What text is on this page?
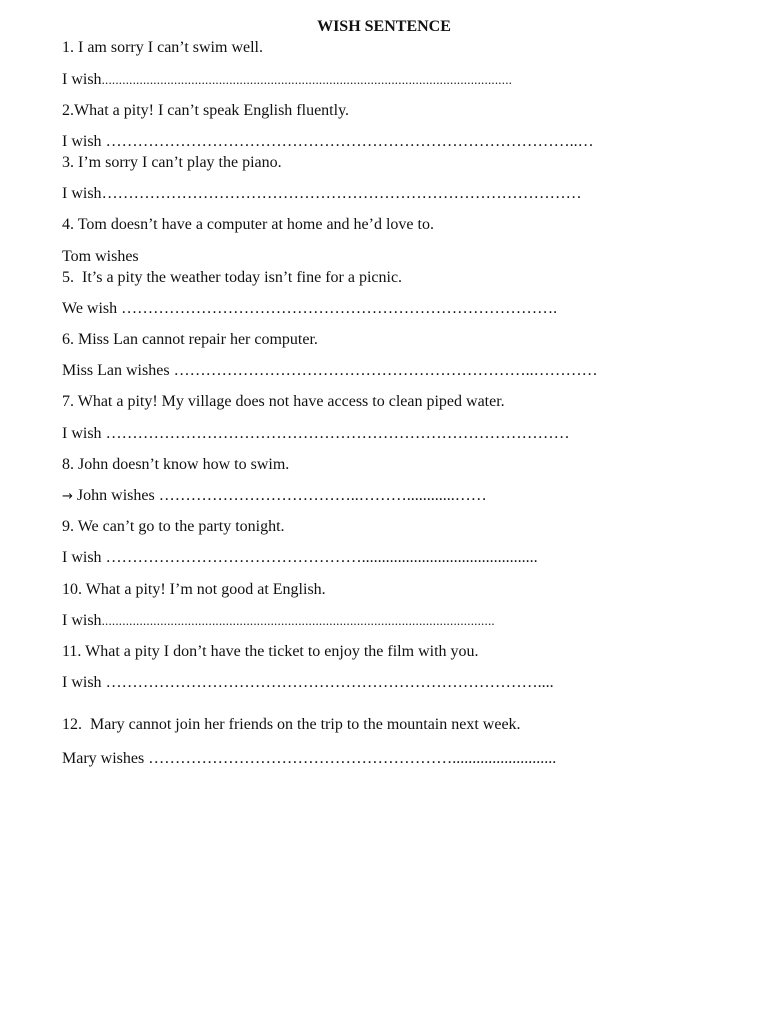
WISH SENTENCE
1. I am sorry I can’t swim well.
I wish.......................................................................................................................
2.What a pity! I can’t speak English fluently.
I wish ……………………………………………………………………………..…
3. I’m sorry I can’t play the piano.
I wish………………………………………………………………………………
4. Tom doesn’t have a computer at home and he’d love to.
Tom wishes
5.  It’s a pity the weather today isn’t fine for a picnic.
We wish ……………………………………………………………………….
6. Miss Lan cannot repair her computer.
Miss Lan wishes …………………………………………………………..…………
7. What a pity! My village does not have access to clean piped water.
I wish ……………………………………………………………………………
8. John doesn’t know how to swim.
→ John wishes ………………………………..………............……
9. We can’t go to the party tonight.
I wish …………………………………………............................................
10. What a pity! I’m not good at English.
I wish..................................................................................................................
11. What a pity I don’t have the ticket to enjoy the film with you.
I wish ………………………………………………………………………....
12.  Mary cannot join her friends on the trip to the mountain next week.
Mary wishes …………………………………………………..........................
